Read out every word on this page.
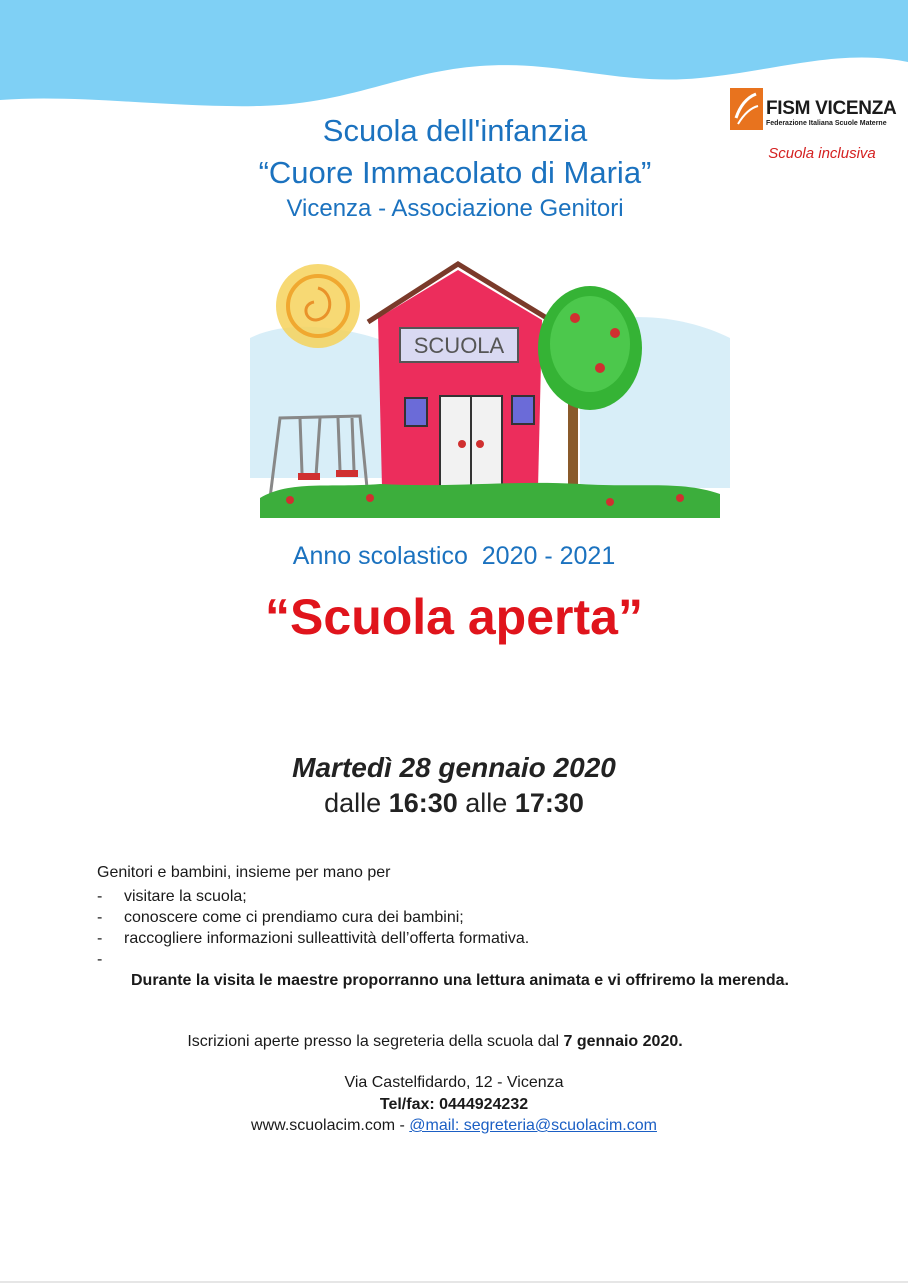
Scuola dell'infanzia
“Cuore Immacolato di Maria”
Vicenza - Associazione Genitori
FISM VICENZA
Federazione Italiana Scuole Materne
Scuola inclusiva
SCUOLA
Anno scolastico  2020 - 2021
“Scuola aperta”
Martedì 28 gennaio 2020
dalle 16:30 alle 17:30
Genitori e bambini, insieme per mano per
- visitare la scuola;
- conoscere come ci prendiamo cura dei bambini;
- raccogliere informazioni sulleattività dell’offerta formativa.
-
Durante la visita le maestre proporranno una lettura animata e vi offriremo la merenda.
Iscrizioni aperte presso la segreteria della scuola dal 7 gennaio 2020.
Via Castelfidardo, 12 - Vicenza
Tel/fax: 0444924232
www.scuolacim.com - @mail: segreteria@scuolacim.com
